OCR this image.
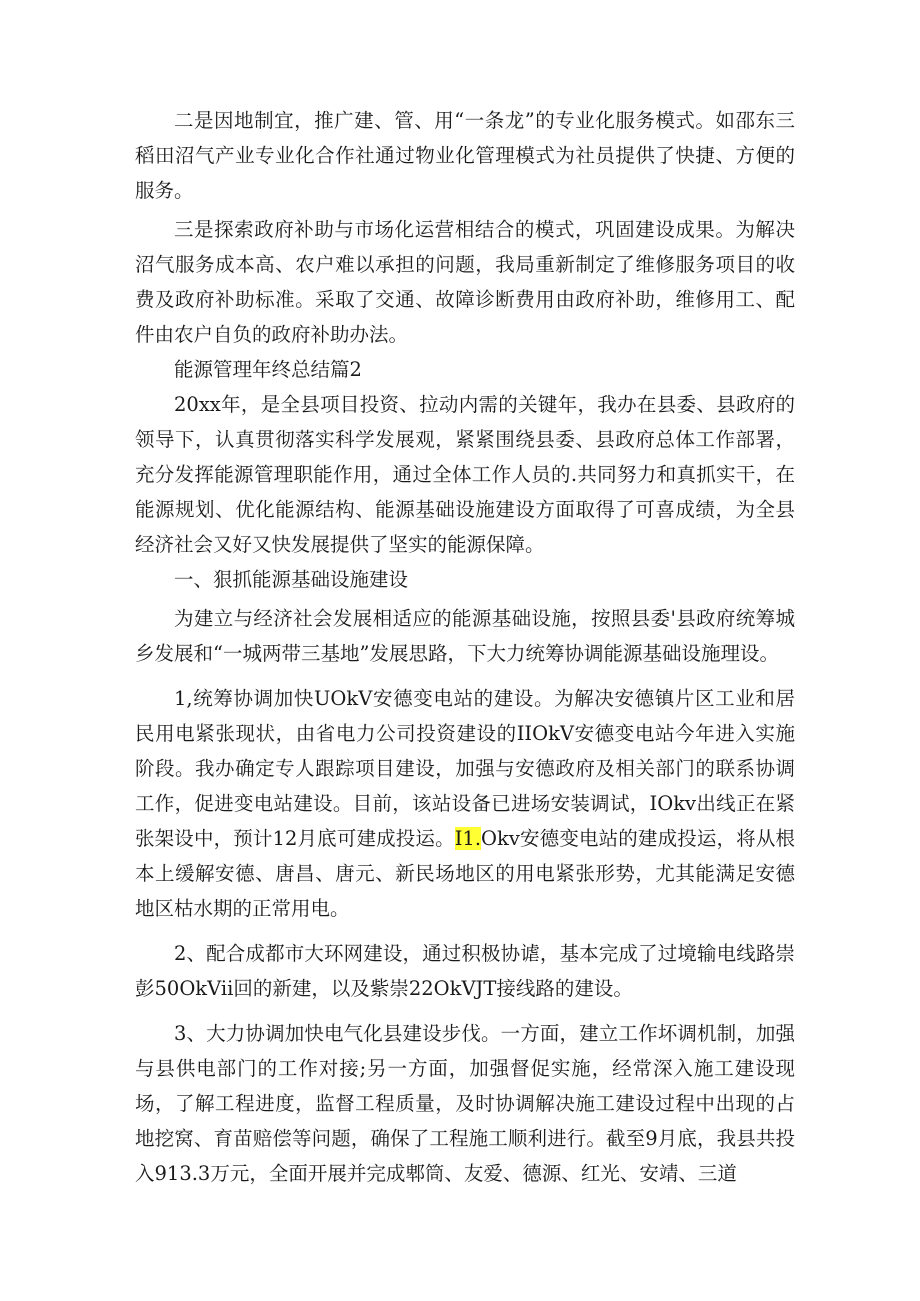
二是因地制宜，推广建、管、用“一条龙”的专业化服务模式。如邵东三稻田沼气产业专业化合作社通过物业化管理模式为社员提供了快捷、方便的服务。

三是探索政府补助与市场化运营相结合的模式，巩固建设成果。为解决沼气服务成本高、农户难以承担的问题，我局重新制定了维修服务项目的收费及政府补助标准。采取了交通、故障诊断费用由政府补助，维修用工、配件由农户自负的政府补助办法。

能源管理年终总结篇2

20xx年，是全县项目投资、拉动内需的关键年，我办在县委、县政府的领导下，认真贯彻落实科学发展观，紧紧围绕县委、县政府总体工作部署，充分发挥能源管理职能作用，通过全体工作人员的.共同努力和真抓实干，在能源规划、优化能源结构、能源基础设施建设方面取得了可喜成绩，为全县经济社会又好又快发展提供了坚实的能源保障。

一、狠抓能源基础设施建设

为建立与经济社会发展相适应的能源基础设施，按照县委'县政府统筹城乡发展和“一城两带三基地”发展思路，下大力统筹协调能源基础设施理设。

1,统筹协调加快UOkV安德变电站的建设。为解决安德镇片区工业和居民用电紧张现状，由省电力公司投资建设的IIOkV安德变电站今年进入实施阶段。我办确定专人跟踪项目建设，加强与安德政府及相关部门的联系协调工作，促进变电站建设。目前，该站设备已进场安装调试，IOkv出线正在紧张架设中，预计12月底可建成投运。I1.Okv安德变电站的建成投运，将从根本上缓解安德、唐昌、唐元、新民场地区的用电紧张形势，尤其能满足安德地区枯水期的正常用电。

2、配合成都市大环网建设，通过积极协谑，基本完成了过境输电线路崇彭50OkVii回的新建，以及紫崇22OkVJT接线路的建设。

3、大力协调加快电气化县建设步伐。一方面，建立工作坏调机制，加强与县供电部门的工作对接;另一方面，加强督促实施，经常深入施工建设现场，了解工程进度，监督工程质量，及时协调解决施工建设过程中出现的占地挖窝、育苗赔偿等问题，确保了工程施工顺利进行。截至9月底，我县共投入913.3万元，全面开展并完成郫筒、友爱、德源、红光、安靖、三道
